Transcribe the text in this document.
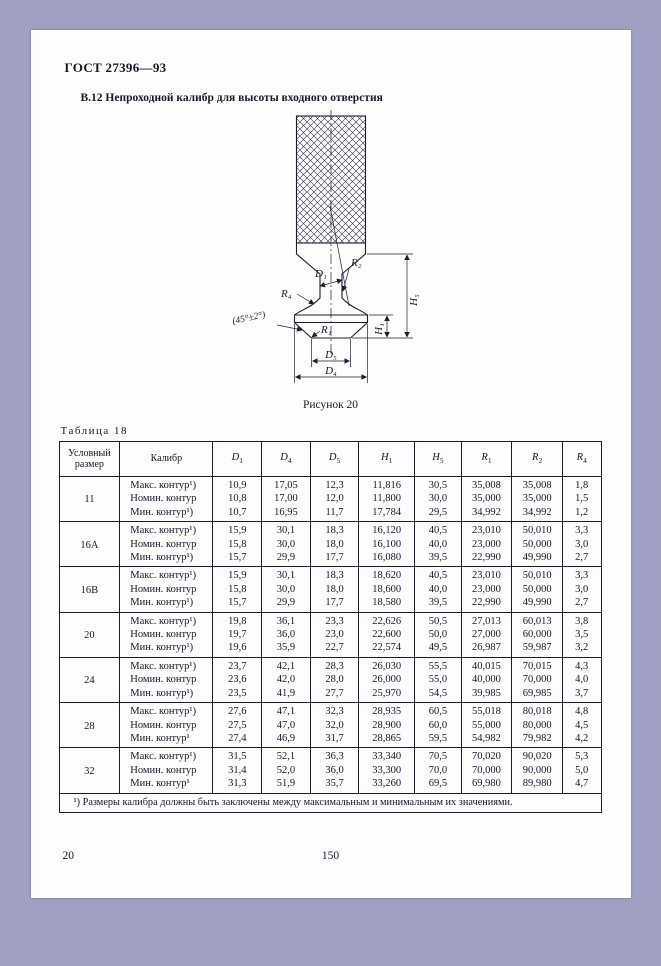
ГОСТ 27396—93
В.12 Непроходной калибр для высоты входного отверстия
R₂
D₁
R₄
(45°±2°)
R₁
H₅
H₁
D₅
D₄
Рисунок 20
Таблица 18
Условный размер	Калибр	$D_1$	$D_4$	$D_5$	$H_1$	$H_5$	$R_1$	$R_2$	$R_4$
11	Макс. контур¹)	10,9	17,05	12,3	11,816	30,5	35,008	35,008	1,8
	Номин. контур	10,8	17,00	12,0	11,800	30,0	35,000	35,000	1,5
	Мин. контур¹)	10,7	16,95	11,7	17,784	29,5	34,992	34,992	1,2
16А	Макс. контур¹)	15,9	30,1	18,3	16,120	40,5	23,010	50,010	3,3
	Номин. контур	15,8	30,0	18,0	16,100	40,0	23,000	50,000	3,0
	Мин. контур¹)	15,7	29,9	17,7	16,080	39,5	22,990	49,990	2,7
16В	Макс. контур¹)	15,9	30,1	18,3	18,620	40,5	23,010	50,010	3,3
	Номин. контур	15,8	30,0	18,0	18,600	40,0	23,000	50,000	3,0
	Мин. контур¹)	15,7	29,9	17,7	18,580	39,5	22,990	49,990	2,7
20	Макс. контур¹)	19,8	36,1	23,3	22,626	50,5	27,013	60,013	3,8
	Номин. контур	19,7	36,0	23,0	22,600	50,0	27,000	60,000	3,5
	Мин. контур¹)	19,6	35,9	22,7	22,574	49,5	26,987	59,987	3,2
24	Макс. контур¹)	23,7	42,1	28,3	26,030	55,5	40,015	70,015	4,3
	Номин. контур	23,6	42,0	28,0	26,000	55,0	40,000	70,000	4,0
	Мин. контур¹)	23,5	41,9	27,7	25,970	54,5	39,985	69,985	3,7
28	Макс. контур¹)	27,6	47,1	32,3	28,935	60,5	55,018	80,018	4,8
	Номин. контур	27,5	47,0	32,0	28,900	60,0	55,000	80,000	4,5
	Мин. контур¹	27,4	46,9	31,7	28,865	59,5	54,982	79,982	4,2
32	Макс. контур¹)	31,5	52,1	36,3	33,340	70,5	70,020	90,020	5,3
	Номин. контур	31,4	52,0	36,0	33,300	70,0	70,000	90,000	5,0
	Мин. контур¹	31,3	51,9	35,7	33,260	69,5	69,980	89,980	4,7
¹) Размеры калибра должны быть заключены между максимальным и минимальным их значениями.									
20	150
